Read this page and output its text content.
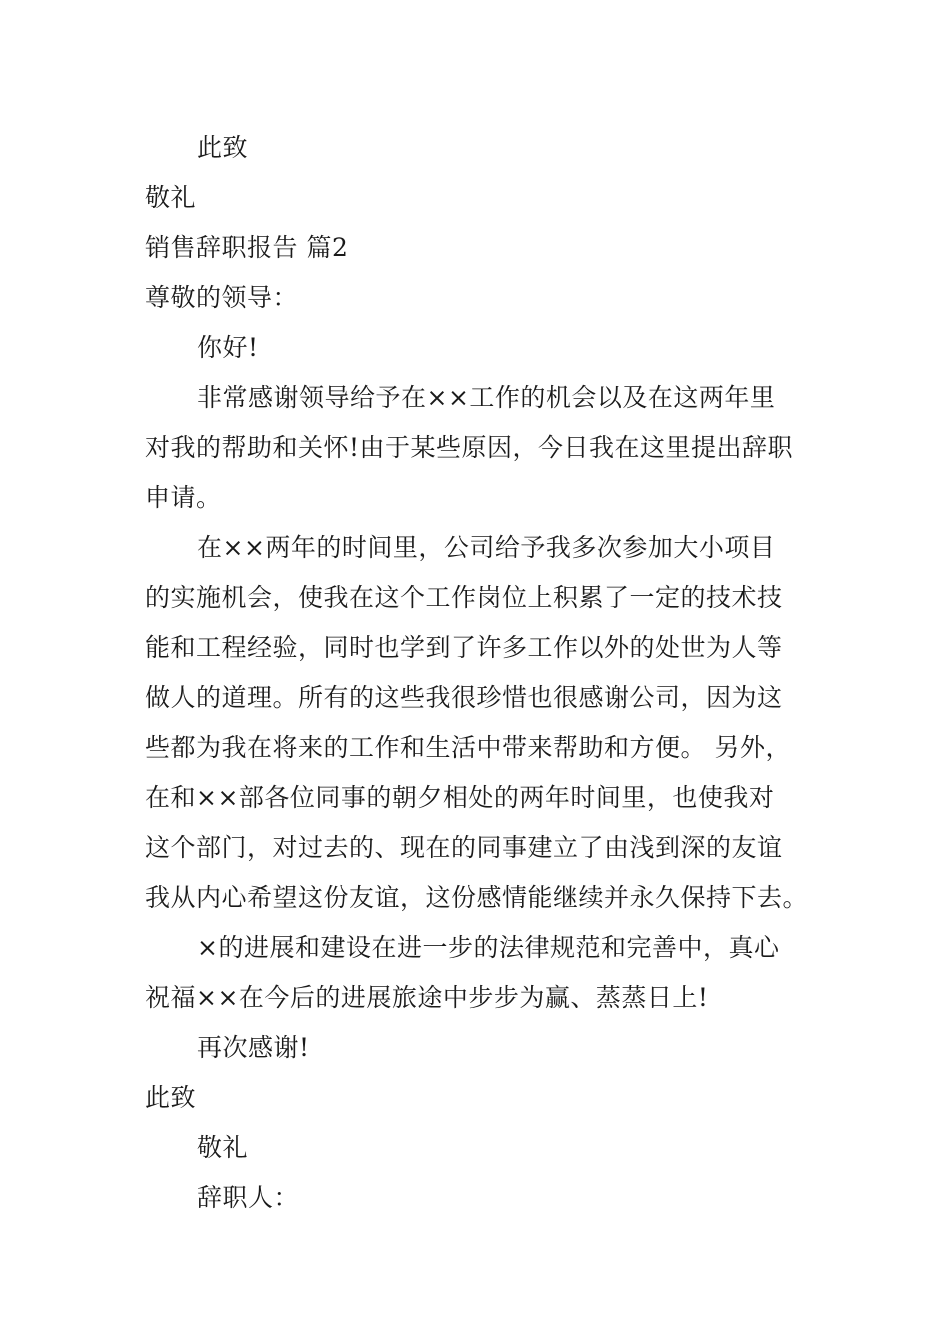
此致
敬礼
销售辞职报告 篇2
尊敬的领导：
你好!
非常感谢领导给予在××工作的机会以及在这两年里
对我的帮助和关怀!由于某些原因，今日我在这里提出辞职
申请。
在××两年的时间里，公司给予我多次参加大小项目
的实施机会，使我在这个工作岗位上积累了一定的技术技
能和工程经验，同时也学到了许多工作以外的处世为人等
做人的道理。所有的这些我很珍惜也很感谢公司，因为这
些都为我在将来的工作和生活中带来帮助和方便。 另外，
在和××部各位同事的朝夕相处的两年时间里，也使我对
这个部门，对过去的、现在的同事建立了由浅到深的友谊
我从内心希望这份友谊，这份感情能继续并永久保持下去。
×的进展和建设在进一步的法律规范和完善中，真心
祝福××在今后的进展旅途中步步为赢、蒸蒸日上!
再次感谢!
此致
敬礼
辞职人：
